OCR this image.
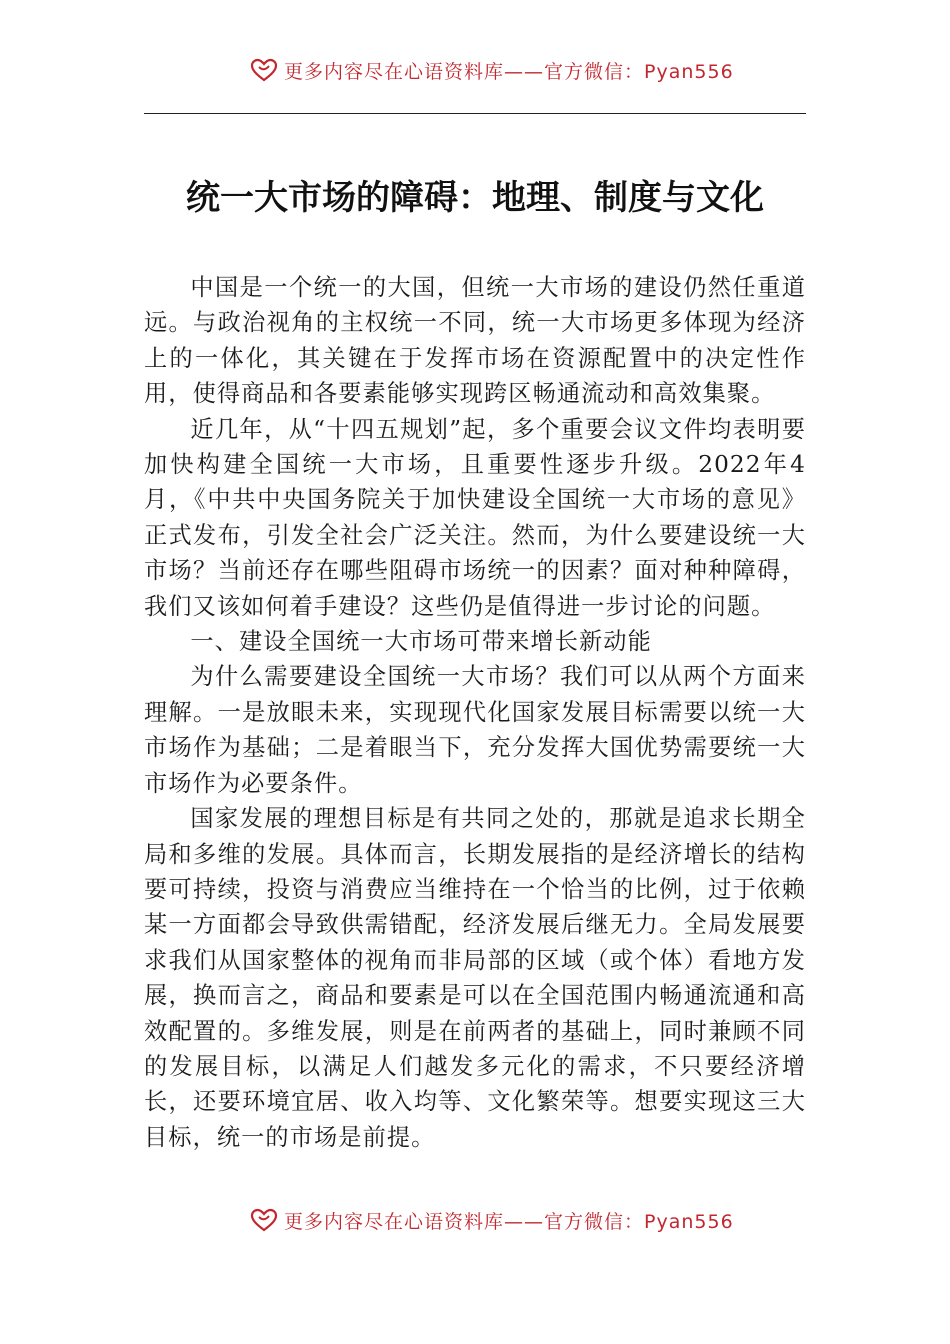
更多内容尽在心语资料库——官方微信：Pyan556
统一大市场的障碍：地理、制度与文化

中国是一个统一的大国，但统一大市场的建设仍然任重道远。与政治视角的主权统一不同，统一大市场更多体现为经济上的一体化，其关键在于发挥市场在资源配置中的决定性作用，使得商品和各要素能够实现跨区畅通流动和高效集聚。

近几年，从“十四五规划”起，多个重要会议文件均表明要加快构建全国统一大市场，且重要性逐步升级。2022年4月，《中共中央国务院关于加快建设全国统一大市场的意见》正式发布，引发全社会广泛关注。然而，为什么要建设统一大市场？当前还存在哪些阻碍市场统一的因素？面对种种障碍，我们又该如何着手建设？这些仍是值得进一步讨论的问题。

一、建设全国统一大市场可带来增长新动能

为什么需要建设全国统一大市场？我们可以从两个方面来理解。一是放眼未来，实现现代化国家发展目标需要以统一大市场作为基础；二是着眼当下，充分发挥大国优势需要统一大市场作为必要条件。

国家发展的理想目标是有共同之处的，那就是追求长期全局和多维的发展。具体而言，长期发展指的是经济增长的结构要可持续，投资与消费应当维持在一个恰当的比例，过于依赖某一方面都会导致供需错配，经济发展后继无力。全局发展要求我们从国家整体的视角而非局部的区域（或个体）看地方发展，换而言之，商品和要素是可以在全国范围内畅通流通和高效配置的。多维发展，则是在前两者的基础上，同时兼顾不同的发展目标，以满足人们越发多元化的需求，不只要经济增长，还要环境宜居、收入均等、文化繁荣等。想要实现这三大目标，统一的市场是前提。

更多内容尽在心语资料库——官方微信：Pyan556
